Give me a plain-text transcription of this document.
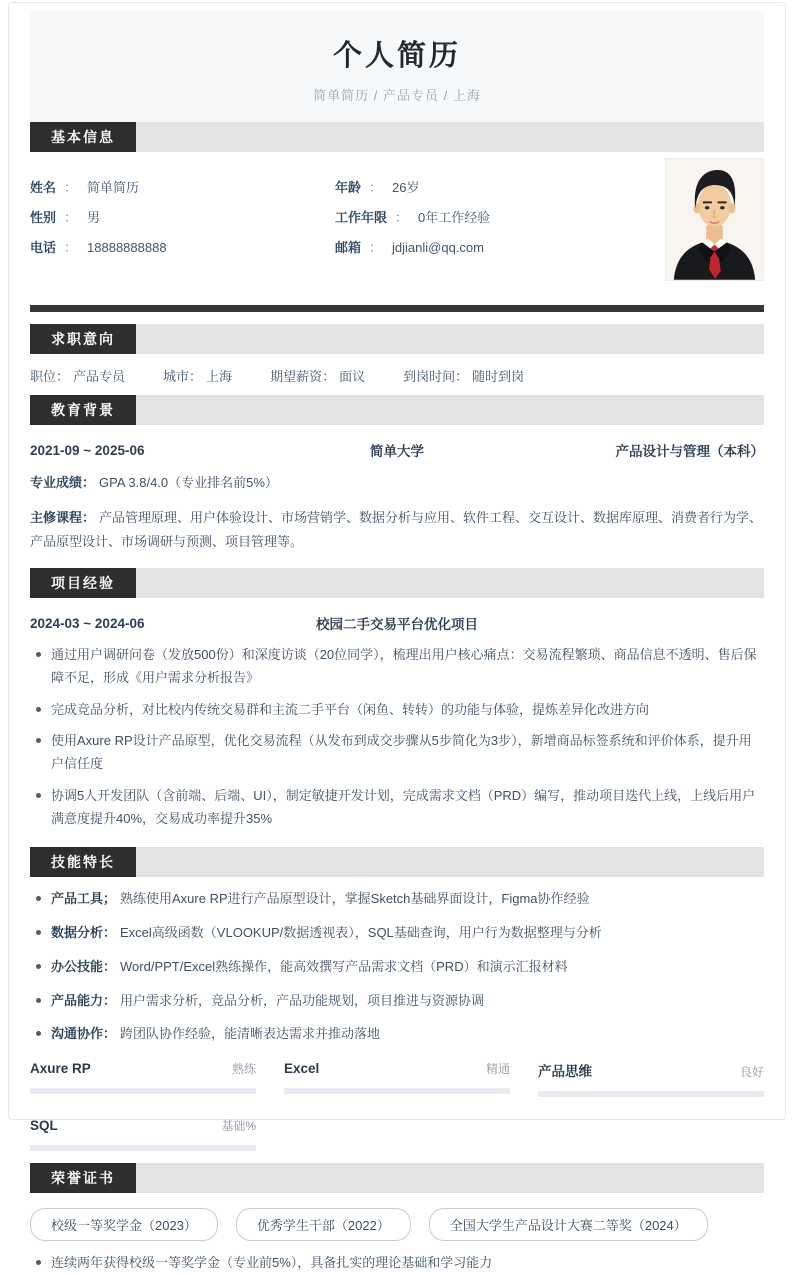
个人简历
简单简历 / 产品专员 / 上海
基本信息
姓名 ： 简单简历	年龄 ： 26岁
性别 ： 男	工作年限 ： 0年工作经验
电话 ： 18888888888	邮箱 ： jdjianli@qq.com
求职意向
职位： 产品专员	城市： 上海	期望薪资： 面议	到岗时间： 随时到岗
教育背景
2021-09 ~ 2025-06	简单大学	产品设计与管理（本科）
专业成绩： GPA 3.8/4.0（专业排名前5%）
主修课程： 产品管理原理、用户体验设计、市场营销学、数据分析与应用、软件工程、交互设计、数据库原理、消费者行为学、产品原型设计、市场调研与预测、项目管理等。
项目经验
2024-03 ~ 2024-06	校园二手交易平台优化项目
通过用户调研问卷（发放500份）和深度访谈（20位同学），梳理出用户核心痛点：交易流程繁琐、商品信息不透明、售后保障不足，形成《用户需求分析报告》
完成竞品分析，对比校内传统交易群和主流二手平台（闲鱼、转转）的功能与体验，提炼差异化改进方向
使用Axure RP设计产品原型，优化交易流程（从发布到成交步骤从5步简化为3步），新增商品标签系统和评价体系，提升用户信任度
协调5人开发团队（含前端、后端、UI），制定敏捷开发计划，完成需求文档（PRD）编写，推动项目迭代上线，上线后用户满意度提升40%，交易成功率提升35%
技能特长
产品工具； 熟练使用Axure RP进行产品原型设计，掌握Sketch基础界面设计，Figma协作经验
数据分析： Excel高级函数（VLOOKUP/数据透视表），SQL基础查询，用户行为数据整理与分析
办公技能： Word/PPT/Excel熟练操作，能高效撰写产品需求文档（PRD）和演示汇报材料
产品能力： 用户需求分析，竞品分析，产品功能规划，项目推进与资源协调
沟通协作： 跨团队协作经验，能清晰表达需求并推动落地
Axure RP	熟练 Excel	精通 产品思维	良好
SQL	基础%
荣誉证书
校级一等奖学金（2023）	优秀学生干部（2022）	全国大学生产品设计大赛二等奖（2024）
连续两年获得校级一等奖学金（专业前5%），具备扎实的理论基础和学习能力
